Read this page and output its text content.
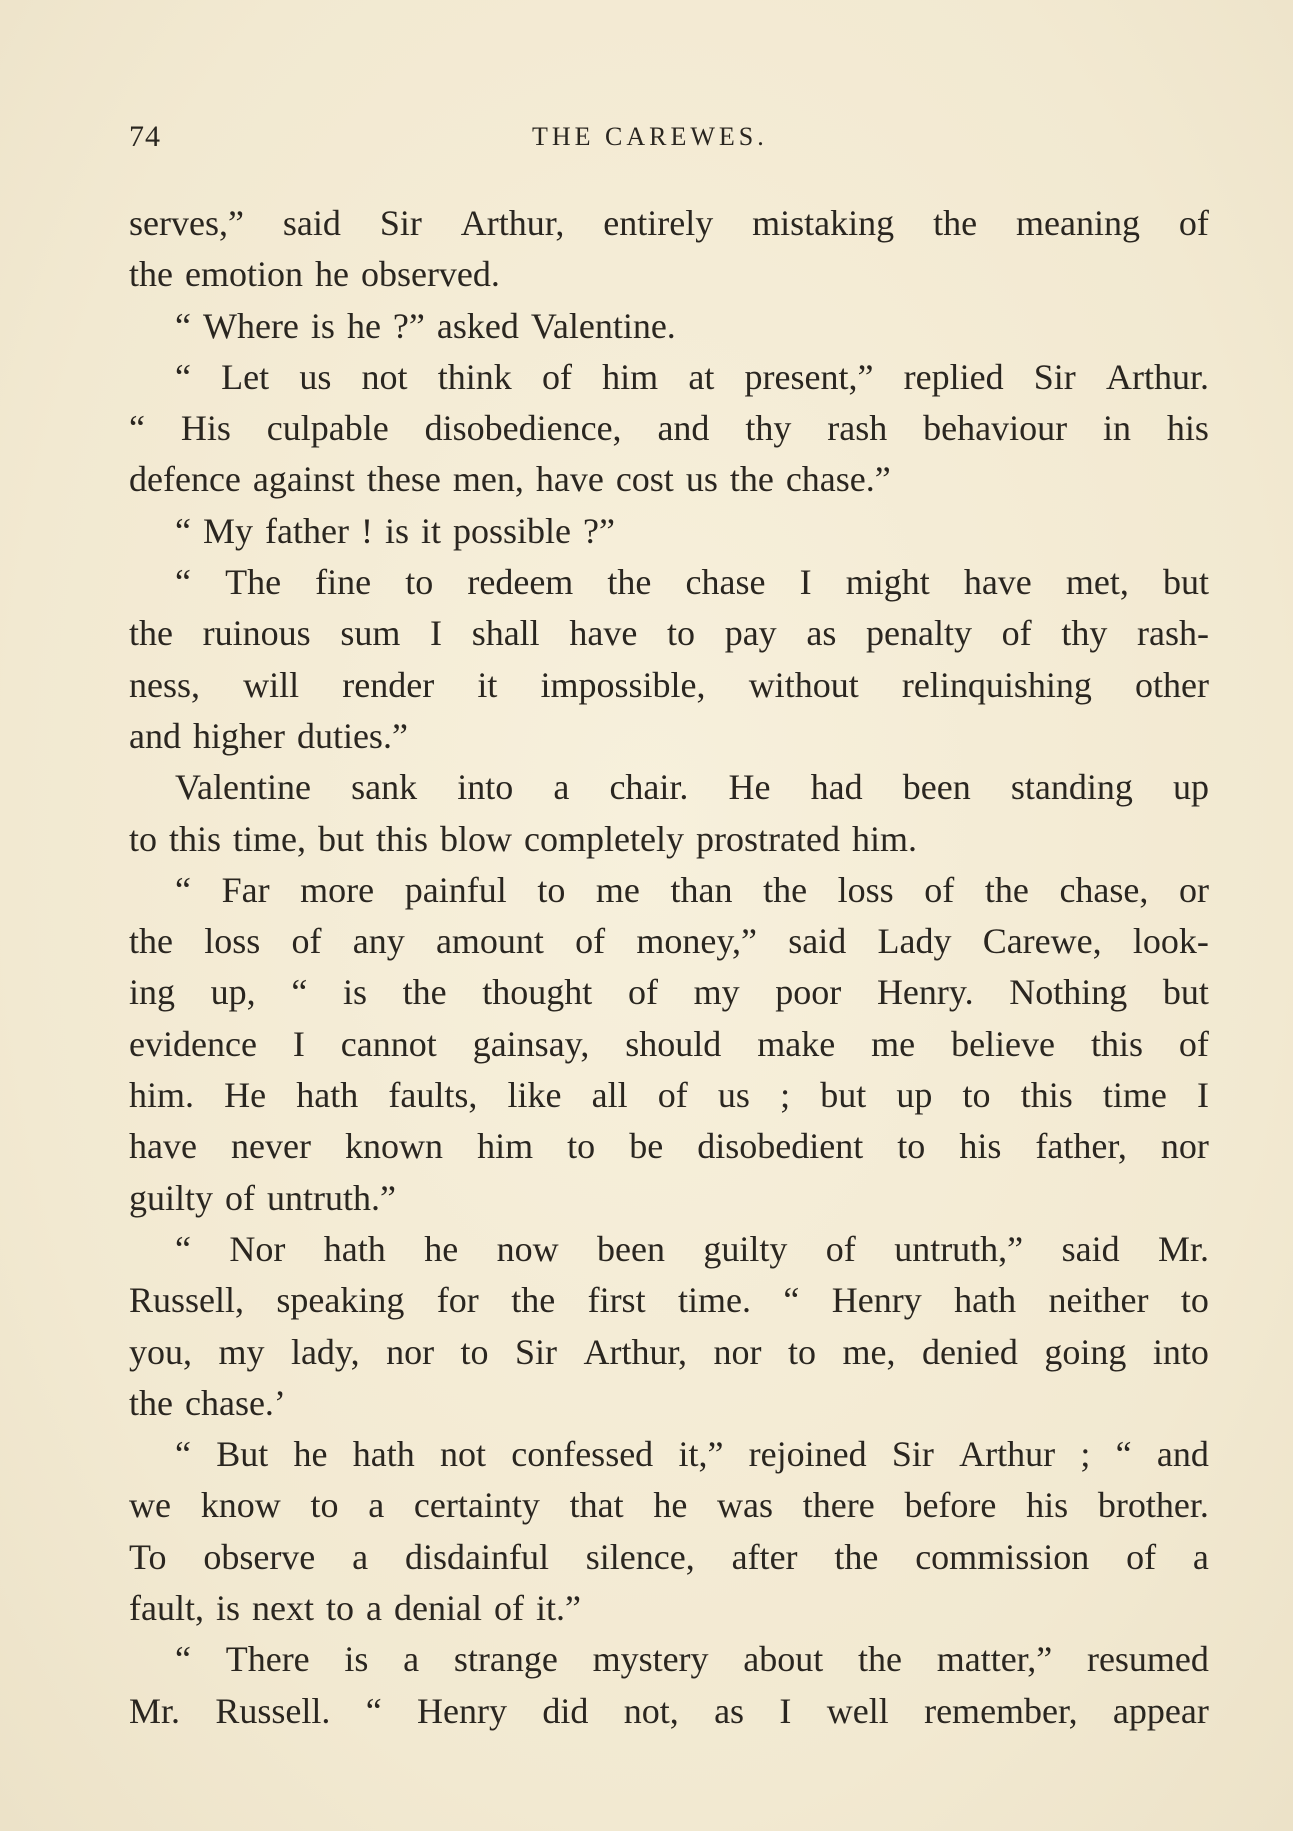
74	THE CAREWES.
serves,” said Sir Arthur, entirely mistaking the meaning of
the emotion he observed.
“ Where is he ?” asked Valentine.
“ Let us not think of him at present,” replied Sir Arthur.
“ His culpable disobedience, and thy rash behaviour in his
defence against these men, have cost us the chase.”
“ My father ! is it possible ?”
“ The fine to redeem the chase I might have met, but
the ruinous sum I shall have to pay as penalty of thy rash-
ness, will render it impossible, without relinquishing other
and higher duties.”
Valentine sank into a chair. He had been standing up
to this time, but this blow completely prostrated him.
“ Far more painful to me than the loss of the chase, or
the loss of any amount of money,” said Lady Carewe, look-
ing up, “ is the thought of my poor Henry. Nothing but
evidence I cannot gainsay, should make me believe this of
him. He hath faults, like all of us ; but up to this time I
have never known him to be disobedient to his father, nor
guilty of untruth.”
“ Nor hath he now been guilty of untruth,” said Mr.
Russell, speaking for the first time. “ Henry hath neither to
you, my lady, nor to Sir Arthur, nor to me, denied going into
the chase.’
“ But he hath not confessed it,” rejoined Sir Arthur ; “ and
we know to a certainty that he was there before his brother.
To observe a disdainful silence, after the commission of a
fault, is next to a denial of it.”
“ There is a strange mystery about the matter,” resumed
Mr. Russell. “ Henry did not, as I well remember, appear
